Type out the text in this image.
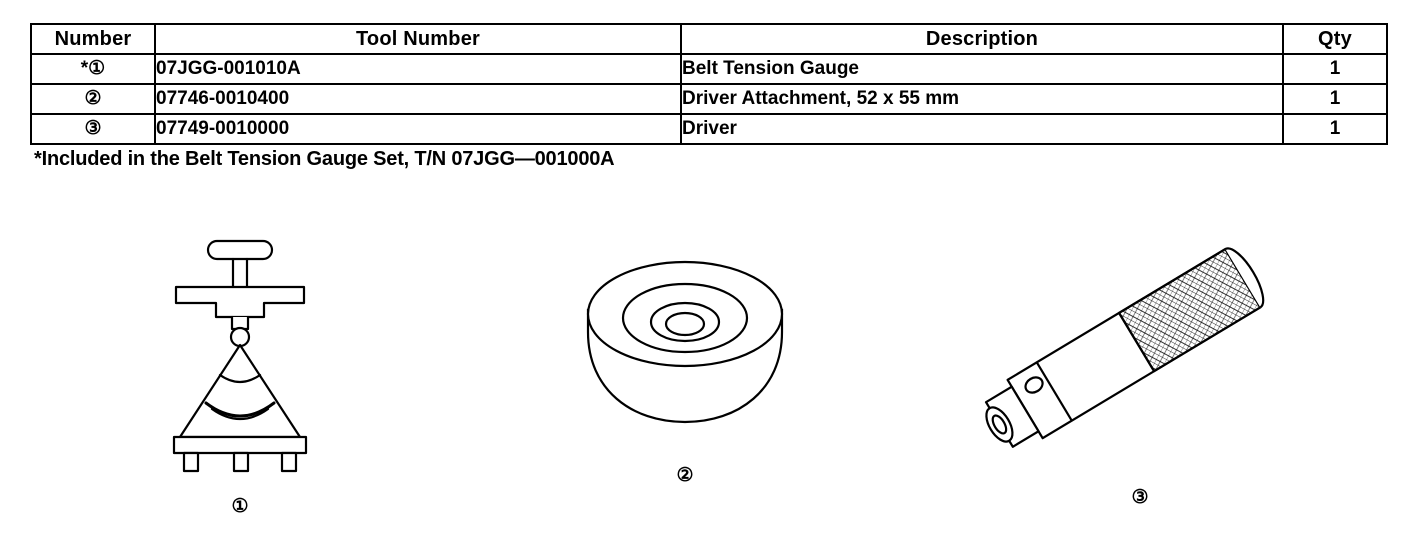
Number	Tool Number	Description	Qty
*①	07JGG-001010A	Belt Tension Gauge	1
②	07746-0010400	Driver Attachment, 52 x 55 mm	1
③	07749-0010000	Driver	1
*Included in the Belt Tension Gauge Set, T/N 07JGG—001000A
①
②
③
